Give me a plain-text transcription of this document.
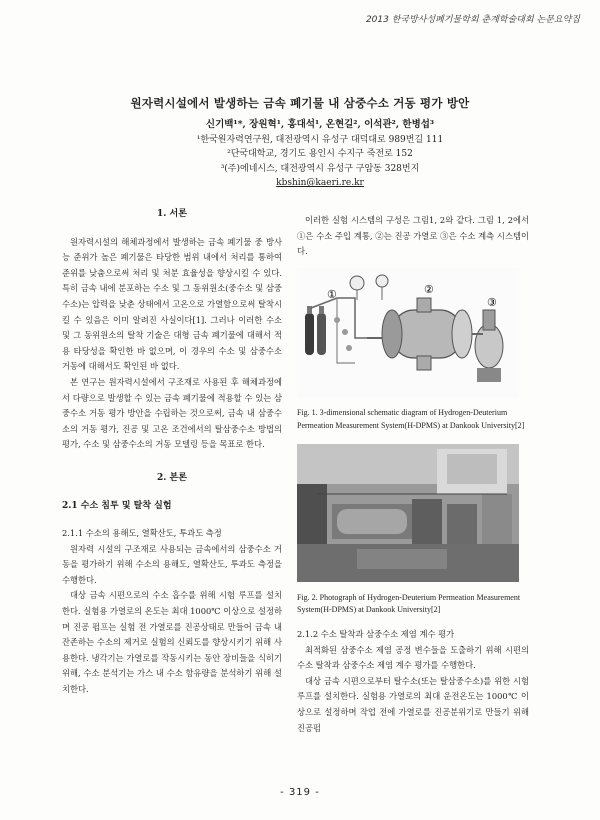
2013 한국방사성폐기물학회 춘계학술대회 논문요약집
원자력시설에서 발생하는 금속 폐기물 내 삼중수소 거동 평가 방안
신기백¹*, 장원혁¹, 홍대석¹, 온현길², 이석관², 한병섭³
¹한국원자력연구원, 대전광역시 유성구 대덕대로 989번길 111
²단국대학교, 경기도 용인시 수지구 죽전로 152
³(주)에네시스, 대전광역시 유성구 구암동 328번지
kbshin@kaeri.re.kr
1. 서론

원자력시설의 해체과정에서 발생하는 금속 폐기물 중 방사능 준위가 높은 폐기물은 타당한 범위 내에서 처리를 통하여 준위를 낮춤으로써 처리 및 처분 효율성을 향상시킬 수 있다. 특히 금속 내에 분포하는 수소 및 그 동위원소(중수소 및 삼중수소)는 압력을 낮춘 상태에서 고온으로 가열함으로써 탈착시킬 수 있음은 이미 알려진 사실이다[1]. 그러나 이러한 수소 및 그 동위원소의 탈착 기술은 대형 금속 폐기물에 대해서 적용 타당성을 확인한 바 없으며, 이 경우의 수소 및 삼중수소 거동에 대해서도 확인된 바 없다.

본 연구는 원자력시설에서 구조재로 사용된 후 해체과정에서 다량으로 발생할 수 있는 금속 폐기물에 적용할 수 있는 삼중수소 거동 평가 방안을 수립하는 것으로써, 금속 내 삼중수소의 거동 평가, 진공 및 고온 조건에서의 탈삼중수소 방법의 평가, 수소 및 삼중수소의 거동 모델링 등을 목표로 한다.

2. 본론
2.1 수소 침투 및 탈착 실험
2.1.1 수소의 용해도, 열확산도, 투과도 측정

원자력 시설의 구조재로 사용되는 금속에서의 삼중수소 거동을 평가하기 위해 수소의 용해도, 열확산도, 투과도 측정을 수행한다.

대상 금속 시편으로의 수소 흡수를 위해 시험 루프를 설치한다. 실험용 가열로의 온도는 최대 1000℃ 이상으로 설정하며 진공 펌프는 실험 전 가열로를 진공상태로 만들어 금속 내 잔존하는 수소의 제거로 실험의 신뢰도를 향상시키기 위해 사용한다. 냉각기는 가열로를 작동시키는 동안 장비들을 식히기 위해, 수소 분석기는 가스 내 수소 함유량을 분석하기 위해 설치한다.

이러한 실험 시스템의 구성은 그림1, 2와 같다. 그림 1, 2에서 ①은 수소 주입 계통, ②는 진공 가열로 ③은 수소 계측 시스템이다.

①	②
③
Fig. 1. 3-dimensional schematic diagram of Hydrogen-Deuterium Permeation Measurement System(H-DPMS) at Dankook University[2]
Fig. 2. Photograph of Hydrogen-Deuterium Permeation Measurement System(H-DPMS) at Dankook University[2]
2.1.2 수소 탈착과 삼중수소 제염 계수 평가

최적화된 삼중수소 제염 공정 변수들을 도출하기 위해 시편의 수소 탈착과 삼중수소 제염 계수 평가를 수행한다.

대상 금속 시편으로부터 탈수소(또는 탈삼중수소)를 위한 시험 루프를 설치한다. 실험용 가열로의 최대 운전온도는 1000℃ 이상으로 설정하며 작업 전에 가열로를 진공분위기로 만들기 위해 진공펌

- 319 -
